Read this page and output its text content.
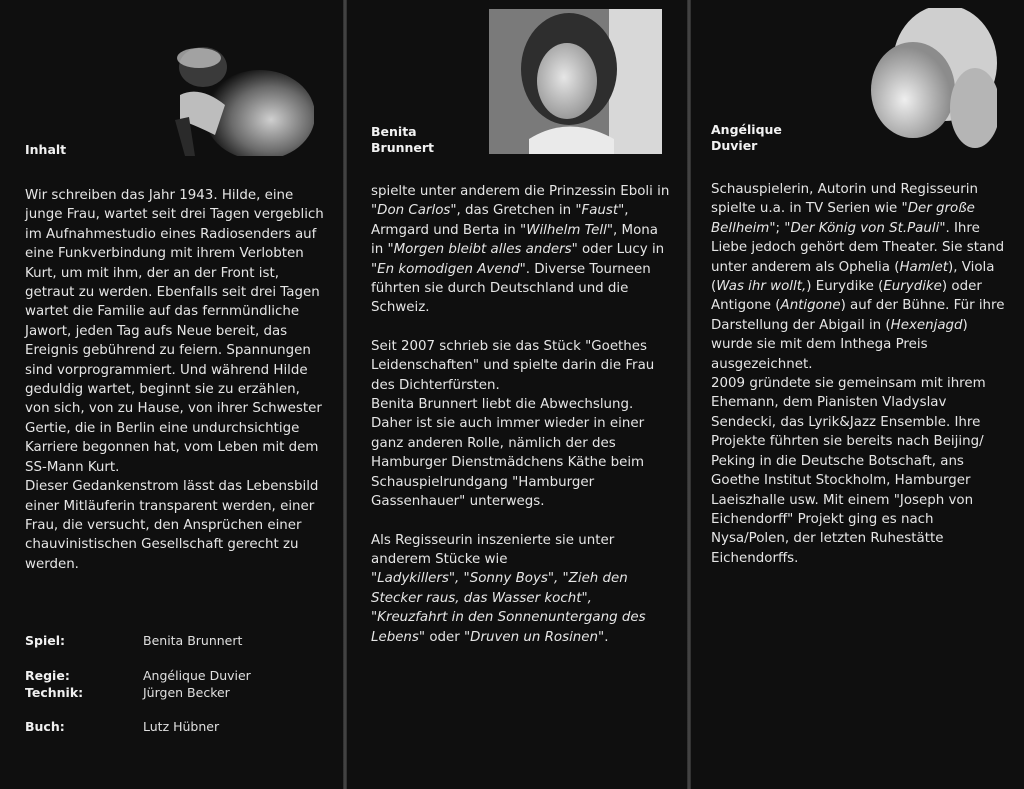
Inhalt

Wir schreiben das Jahr 1943. Hilde, eine junge Frau, wartet seit drei Tagen vergeblich im Aufnahmestudio eines Radiosenders auf eine Funkverbindung mit ihrem Verlobten Kurt, um mit ihm, der an der Front ist, getraut zu werden. Ebenfalls seit drei Tagen wartet die Familie auf das fernmündliche Jawort, jeden Tag aufs Neue bereit, das Ereignis gebührend zu feiern. Spannungen sind vorprogrammiert. Und während Hilde geduldig wartet, beginnt sie zu erzählen, von sich, von zu Hause, von ihrer Schwester Gertie, die in Berlin eine undurchsichtige Karriere begonnen hat, vom Leben mit dem SS-Mann Kurt.

Dieser Gedankenstrom lässt das Lebensbild einer Mitläuferin transparent werden, einer Frau, die versucht, den Ansprüchen einer chauvinistischen Gesellschaft gerecht zu werden.

Spiel:	Benita Brunnert
Regie:	Angélique Duvier
Technik:	Jürgen Becker
Buch:	Lutz Hübner
Benita
Brunnert

spielte unter anderem die Prinzessin Eboli in "Don Carlos", das Gretchen in "Faust", Armgard und Berta in "Wilhelm Tell", Mona in "Morgen bleibt alles anders" oder Lucy in "En komodigen Avend". Diverse Tourneen führten sie durch Deutschland und die Schweiz.

Seit 2007 schrieb sie das Stück "Goethes Leidenschaften" und spielte darin die Frau des Dichterfürsten.

Benita Brunnert liebt die Abwechslung. Daher ist sie auch immer wieder in einer ganz anderen Rolle, nämlich der des Hamburger Dienstmädchens Käthe beim Schauspielrundgang "Hamburger Gassenhauer" unterwegs.

Als Regisseurin inszenierte sie unter anderem Stücke wie
"Ladykillers", "Sonny Boys", "Zieh den Stecker raus, das Wasser kocht", "Kreuzfahrt in den Sonnenuntergang des Lebens" oder "Druven un Rosinen".

Angélique
Duvier

Schauspielerin, Autorin und Regisseurin spielte u.a. in TV Serien wie "Der große Bellheim"; "Der König von St.Pauli". Ihre Liebe jedoch gehört dem Theater. Sie stand unter anderem als Ophelia (Hamlet), Viola (Was ihr wollt,) Eurydike (Eurydike) oder Antigone (Antigone) auf der Bühne. Für ihre Darstellung der Abigail in (Hexenjagd) wurde sie mit dem Inthega Preis ausgezeichnet.

2009 gründete sie gemeinsam mit ihrem Ehemann, dem Pianisten Vladyslav Sendecki, das Lyrik&Jazz Ensemble. Ihre Projekte führten sie bereits nach Beijing/ Peking in die Deutsche Botschaft, ans Goethe Institut Stockholm, Hamburger Laeiszhalle usw. Mit einem "Joseph von Eichendorff" Projekt ging es nach Nysa/Polen, der letzten Ruhestätte Eichendorffs.
